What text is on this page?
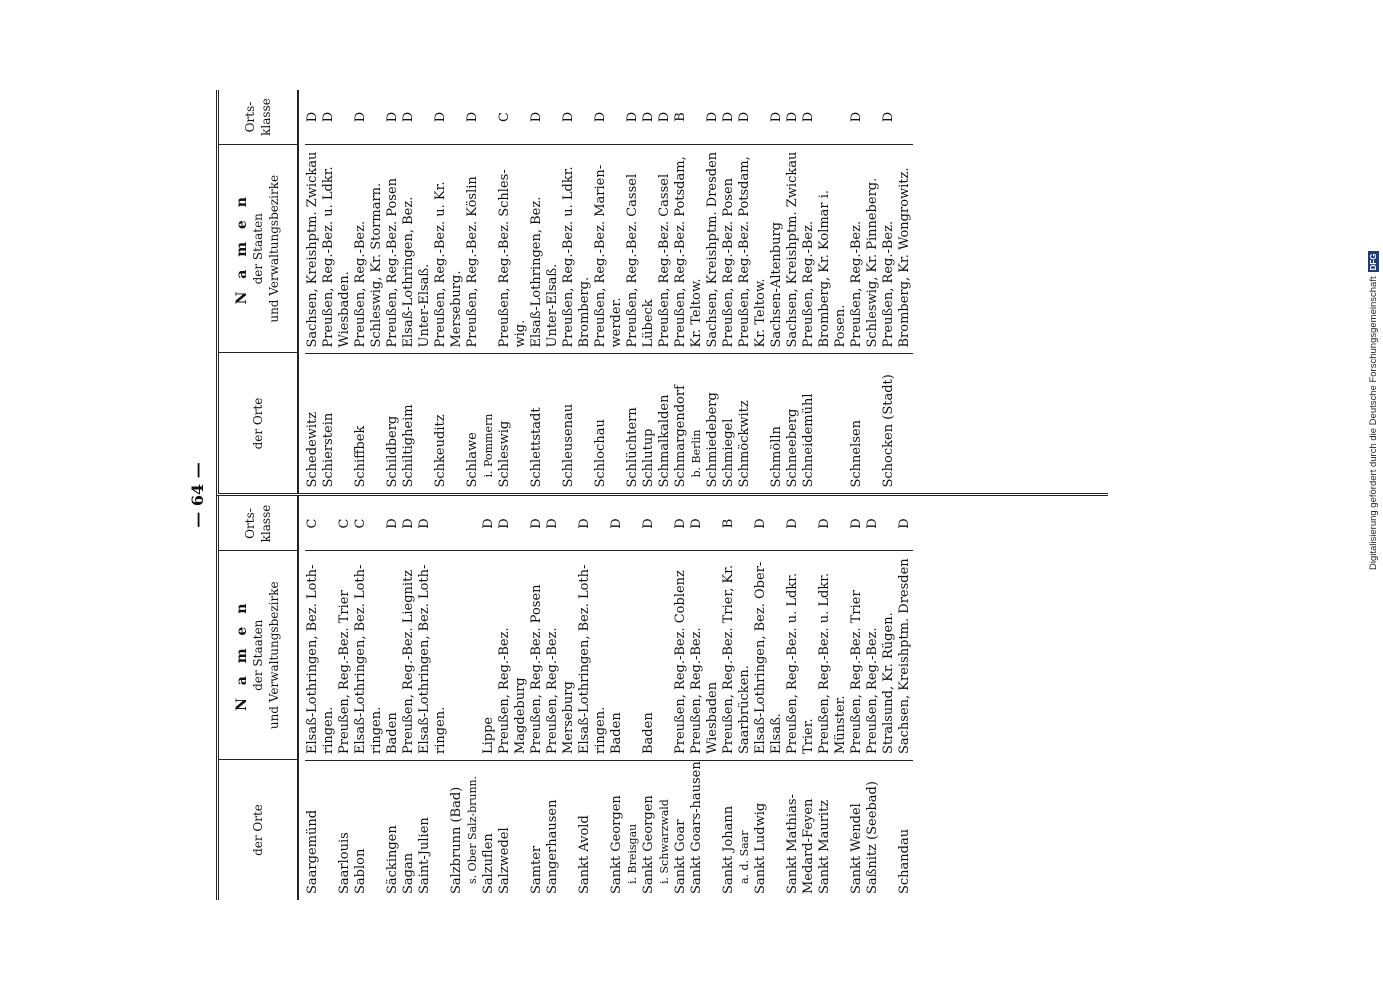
Digitalisierung gefördert durch die Deutsche Forschungsgemeinschaft
DFG
— 64 —
der Orte
N a m e n der Staaten und Verwaltungsbezirke
Orts- klasse
Saargemünd
Elsaß-Lothringen, Bez. Loth-ringen.
C
Saarlouis
Preußen, Reg.-Bez. Trier
C
Sablon
Elsaß-Lothringen, Bez. Loth-ringen.
C
Säckingen
Baden
D
Sagan
Preußen, Reg.-Bez. Liegnitz
D
Saint-Julien
Elsaß-Lothringen, Bez. Loth-ringen.
D
Salzbrunn (Bad) s. Ober Salz-brunn. Salzuflen
Lippe
D
Salzwedel
Preußen, Reg.-Bez. Magdeburg
D
Samter
Preußen, Reg.-Bez. Posen
D
Sangerhausen
Preußen, Reg.-Bez. Merseburg
D
Sankt Avold
Elsaß-Lothringen, Bez. Loth-ringen.
D
Sankt Georgen i. Breisgau
Baden
D
Sankt Georgen i. Schwarzwald
Baden
D
Sankt Goar
Preußen, Reg.-Bez. Coblenz
D
Sankt Goars-hausen
Preußen, Reg.-Bez. Wiesbaden
D
Sankt Johann a. d. Saar
Preußen, Reg.-Bez. Trier, Kr. Saarbrücken.
B
Sankt Ludwig
Elsaß-Lothringen, Bez. Ober-Elsaß.
D
Sankt Mathias-Medard-Feyen
Preußen, Reg.-Bez. u. Ldkr. Trier.
D
Sankt Mauritz
Preußen, Reg.-Bez. u. Ldkr. Münster.
D
Sankt Wendel
Preußen, Reg.-Bez. Trier
D
Saßnitz (Seebad)
Preußen, Reg.-Bez. Stralsund, Kr. Rügen.
D
Schandau
Sachsen, Kreishptm. Dresden
D
der Orte
N a m e n der Staaten und Verwaltungsbezirke
Orts- klasse
Schedewitz
Sachsen, Kreishptm. Zwickau
D
Schierstein
Preußen, Reg.-Bez. u. Ldkr. Wiesbaden.
D
Schiffbek
Preußen, Reg.-Bez. Schleswig, Kr. Stormarn.
D
Schildberg
Preußen, Reg.-Bez. Posen
D
Schiltigheim
Elsaß-Lothringen, Bez. Unter-Elsaß.
D
Schkeuditz
Preußen, Reg.-Bez. u. Kr. Merseburg.
D
Schlawe i. Pommern
Preußen, Reg.-Bez. Köslin
D
Schleswig
Preußen, Reg.-Bez. Schles-wig.
C
Schlettstadt
Elsaß-Lothringen, Bez. Unter-Elsaß.
D
Schleusenau
Preußen, Reg.-Bez. u. Ldkr. Bromberg.
D
Schlochau
Preußen, Reg.-Bez. Marien-werder.
D
Schlüchtern
Preußen, Reg.-Bez. Cassel
D
Schlutup
Lübeck
D
Schmalkalden
Preußen, Reg.-Bez. Cassel
D
Schmargendorf b. Berlin
Preußen, Reg.-Bez. Potsdam, Kr. Teltow.
B
Schmiedeberg
Sachsen, Kreishptm. Dresden
D
Schmiegel
Preußen, Reg.-Bez. Posen
D
Schmöckwitz
Preußen, Reg.-Bez. Potsdam, Kr. Teltow.
D
Schmölln
Sachsen-Altenburg
D
Schneeberg
Sachsen, Kreishptm. Zwickau
D
Schneidemühl
Preußen, Reg.-Bez. Bromberg, Kr. Kolmar i. Posen.
D
Schnelsen
Preußen, Reg.-Bez. Schleswig, Kr. Pinneberg.
D
Schocken (Stadt)
Preußen, Reg.-Bez. Bromberg, Kr. Wongrowitz.
D
